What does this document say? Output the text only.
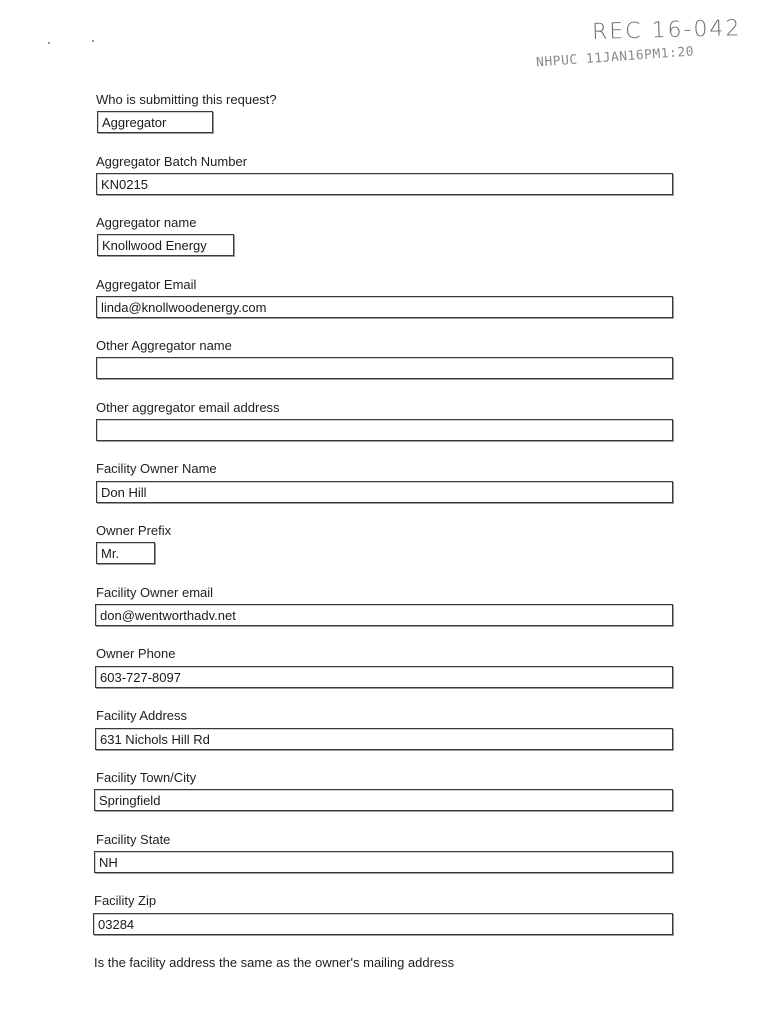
REC 16-042
NHPUC 11JAN16PM1:20
Who is submitting this request?
Aggregator
Aggregator Batch Number
KN0215
Aggregator name
Knollwood Energy
Aggregator Email
linda@knollwoodenergy.com
Other Aggregator name
Other aggregator email address
Facility Owner Name
Don Hill
Owner Prefix
Mr.
Facility Owner email
don@wentworthadv.net
Owner Phone
603-727-8097
Facility Address
631 Nichols Hill Rd
Facility Town/City
Springfield
Facility State
NH
Facility Zip
03284
Is the facility address the same as the owner's mailing address
